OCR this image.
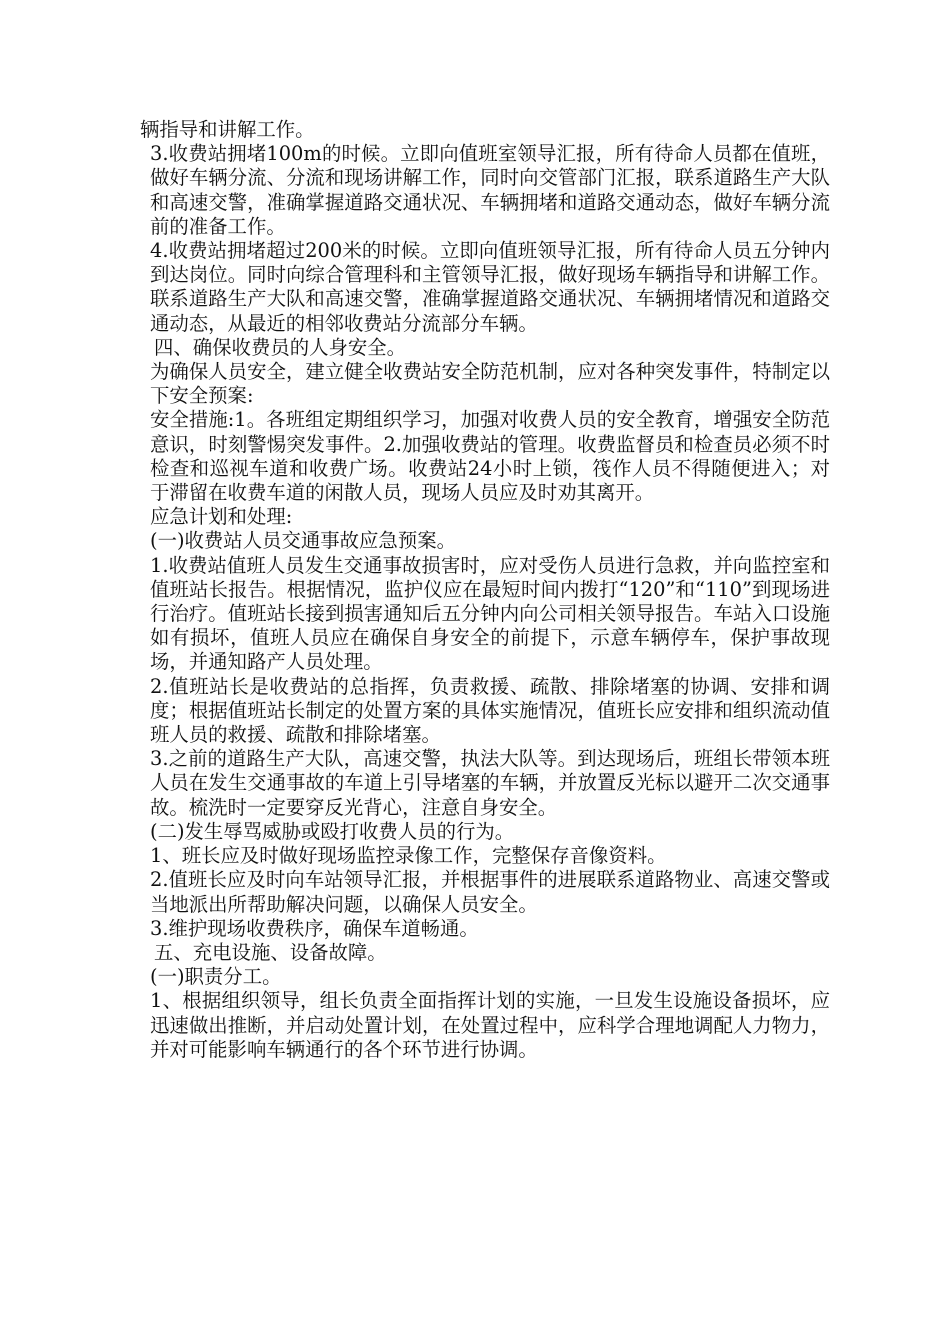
辆指导和讲解工作。

3.收费站拥堵100m的时候。立即向值班室领导汇报，所有待命人员都在值班，做好车辆分流、分流和现场讲解工作，同时向交管部门汇报，联系道路生产大队和高速交警，准确掌握道路交通状况、车辆拥堵和道路交通动态，做好车辆分流前的准备工作。

4.收费站拥堵超过200米的时候。立即向值班领导汇报，所有待命人员五分钟内到达岗位。同时向综合管理科和主管领导汇报，做好现场车辆指导和讲解工作。联系道路生产大队和高速交警，准确掌握道路交通状况、车辆拥堵情况和道路交通动态，从最近的相邻收费站分流部分车辆。

四、确保收费员的人身安全。

为确保人员安全，建立健全收费站安全防范机制，应对各种突发事件，特制定以下安全预案:

安全措施:1。各班组定期组织学习，加强对收费人员的安全教育，增强安全防范意识，时刻警惕突发事件。2.加强收费站的管理。收费监督员和检查员必须不时检查和巡视车道和收费广场。收费站24小时上锁，筏作人员不得随便进入；对于滞留在收费车道的闲散人员，现场人员应及时劝其离开。

应急计划和处理:

(一)收费站人员交通事故应急预案。

1.收费站值班人员发生交通事故损害时，应对受伤人员进行急救，并向监控室和值班站长报告。根据情况，监护仪应在最短时间内拨打“120”和“110”到现场进行治疗。值班站长接到损害通知后五分钟内向公司相关领导报告。车站入口设施如有损坏，值班人员应在确保自身安全的前提下，示意车辆停车，保护事故现场，并通知路产人员处理。

2.值班站长是收费站的总指挥，负责救援、疏散、排除堵塞的协调、安排和调度；根据值班站长制定的处置方案的具体实施情况，值班长应安排和组织流动值班人员的救援、疏散和排除堵塞。

3.之前的道路生产大队，高速交警，执法大队等。到达现场后，班组长带领本班人员在发生交通事故的车道上引导堵塞的车辆，并放置反光标以避开二次交通事故。梳洗时一定要穿反光背心，注意自身安全。

(二)发生辱骂威胁或殴打收费人员的行为。

1、班长应及时做好现场监控录像工作，完整保存音像资料。

2.值班长应及时向车站领导汇报，并根据事件的进展联系道路物业、高速交警或当地派出所帮助解决问题，以确保人员安全。

3.维护现场收费秩序，确保车道畅通。

五、充电设施、设备故障。

(一)职责分工。

1、根据组织领导，组长负责全面指挥计划的实施，一旦发生设施设备损坏，应迅速做出推断，并启动处置计划，在处置过程中，应科学合理地调配人力物力，并对可能影响车辆通行的各个环节进行协调。
